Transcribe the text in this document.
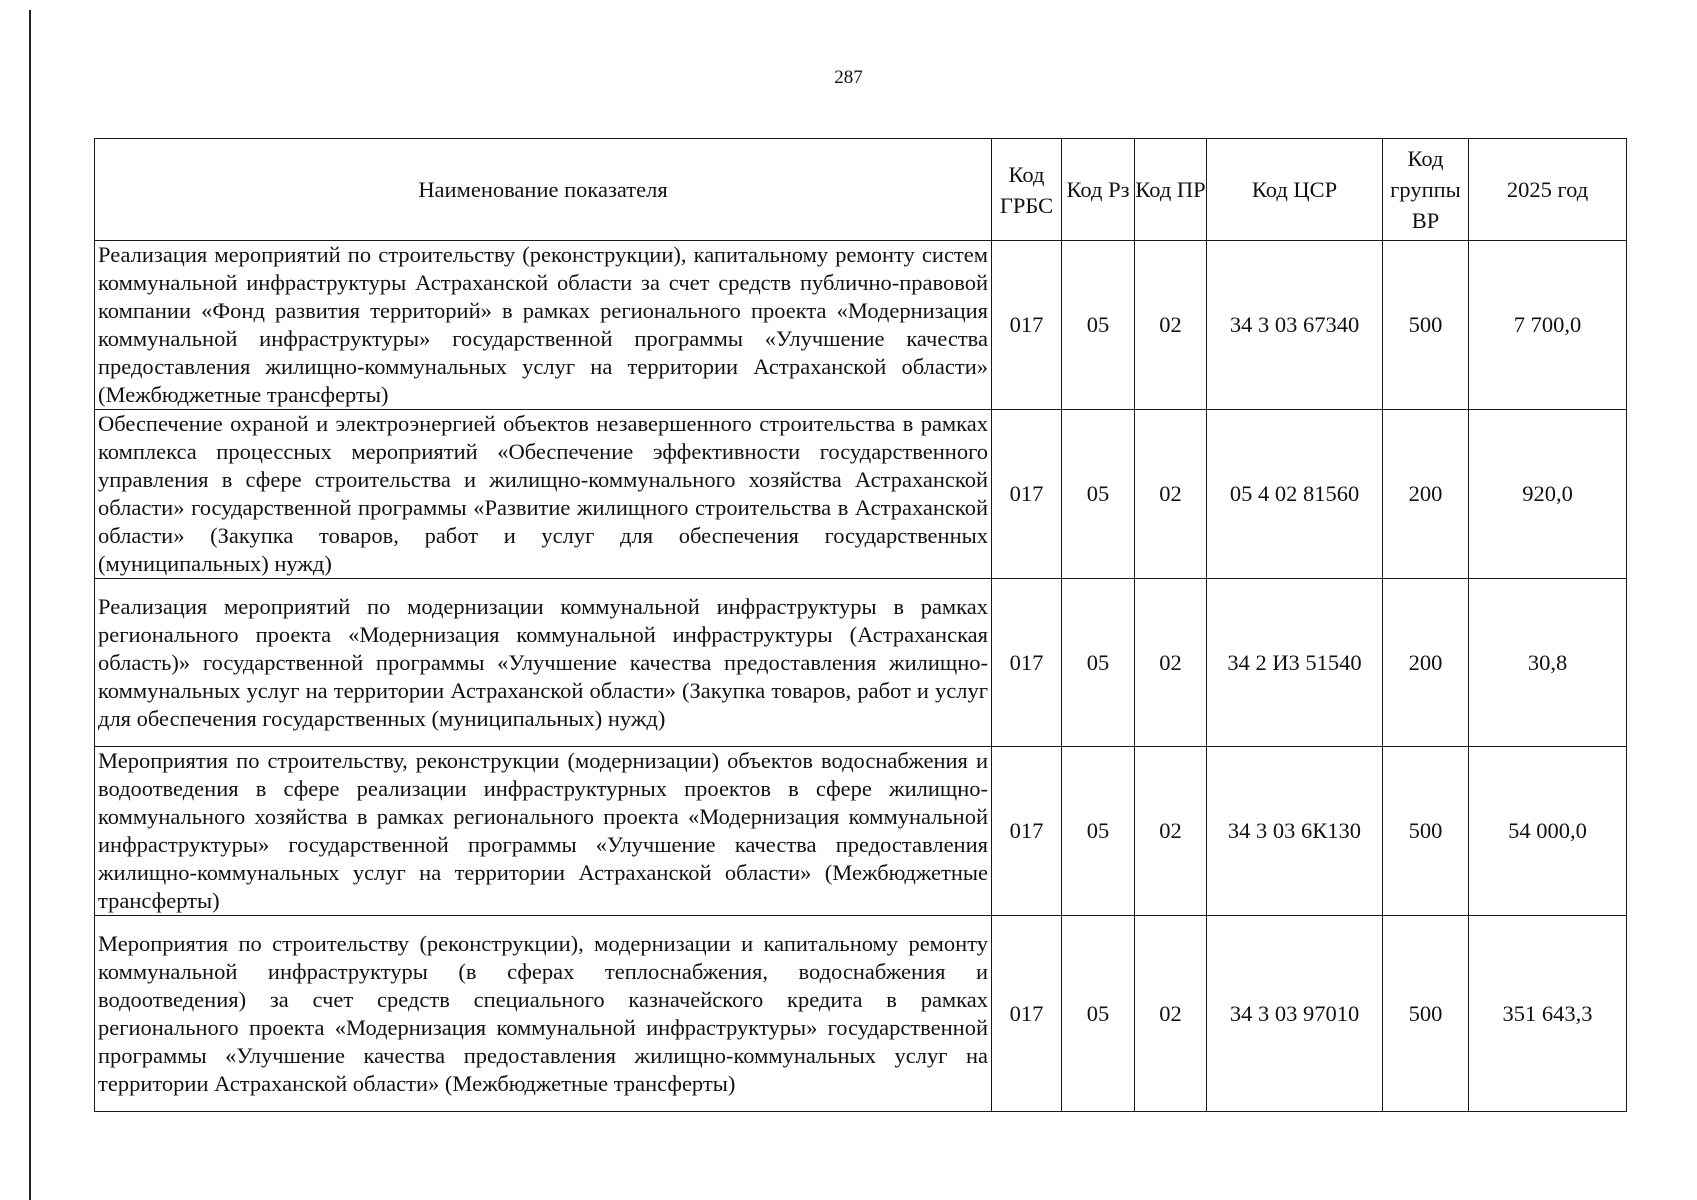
287
Наименование показателя	Код ГРБС	Код Рз	Код ПР	Код ЦСР	Код группы ВР	2025 год
Реализация мероприятий по строительству (реконструкции), капитальному ремонту систем коммунальной инфраструктуры Астраханской области за счет средств публично-правовой компании «Фонд развития территорий» в рамках регионального проекта «Модернизация коммунальной инфраструктуры» государственной программы «Улучшение качества предоставления жилищно-коммунальных услуг на территории Астраханской области» (Межбюджетные трансферты)	017	05	02	34 3 03 67340	500	7 700,0
Обеспечение охраной и электроэнергией объектов незавершенного строительства в рамках комплекса процессных мероприятий «Обеспечение эффективности государственного управления в сфере строительства и жилищно-коммунального хозяйства Астраханской области» государственной программы «Развитие жилищного строительства в Астраханской области» (Закупка товаров, работ и услуг для обеспечения государственных (муниципальных) нужд)	017	05	02	05 4 02 81560	200	920,0
Реализация мероприятий по модернизации коммунальной инфраструктуры в рамках регионального проекта «Модернизация коммунальной инфраструктуры (Астраханская область)» государственной программы «Улучшение качества предоставления жилищно-коммунальных услуг на территории Астраханской области» (Закупка товаров, работ и услуг для обеспечения государственных (муниципальных) нужд)	017	05	02	34 2 И3 51540	200	30,8
Мероприятия по строительству, реконструкции (модернизации) объектов водоснабжения и водоотведения в сфере реализации инфраструктурных проектов в сфере жилищно-коммунального хозяйства в рамках регионального проекта «Модернизация коммунальной инфраструктуры» государственной программы «Улучшение качества предоставления жилищно-коммунальных услуг на территории Астраханской области» (Межбюджетные трансферты)	017	05	02	34 3 03 6К130	500	54 000,0
Мероприятия по строительству (реконструкции), модернизации и капитальному ремонту коммунальной инфраструктуры (в сферах теплоснабжения, водоснабжения и водоотведения) за счет средств специального казначейского кредита в рамках регионального проекта «Модернизация коммунальной инфраструктуры» государственной программы «Улучшение качества предоставления жилищно-коммунальных услуг на территории Астраханской области» (Межбюджетные трансферты)	017	05	02	34 3 03 97010	500	351 643,3
